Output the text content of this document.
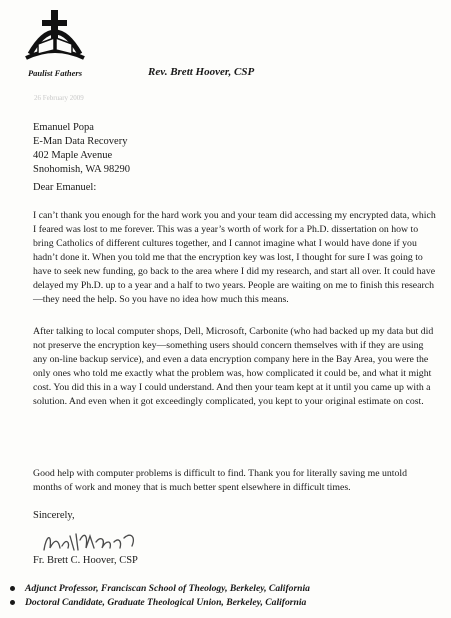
Paulist Fathers	Rev. Brett Hoover, CSP
26 February 2009
Emanuel Popa
E-Man Data Recovery
402 Maple Avenue
Snohomish, WA 98290
Dear Emanuel:

I can’t thank you enough for the hard work you and your team did accessing my encrypted data, which I feared was lost to me forever. This was a year’s worth of work for a Ph.D. dissertation on how to bring Catholics of different cultures together, and I cannot imagine what I would have done if you hadn’t done it. When you told me that the encryption key was lost, I thought for sure I was going to have to seek new funding, go back to the area where I did my research, and start all over. It could have delayed my Ph.D. up to a year and a half to two years. People are waiting on me to finish this research—they need the help. So you have no idea how much this means.

After talking to local computer shops, Dell, Microsoft, Carbonite (who had backed up my data but did not preserve the encryption key—something users should concern themselves with if they are using any on-line backup service), and even a data encryption company here in the Bay Area, you were the only ones who told me exactly what the problem was, how complicated it could be, and what it might cost. You did this in a way I could understand. And then your team kept at it until you came up with a solution. And even when it got exceedingly complicated, you kept to your original estimate on cost.

Good help with computer problems is difficult to find. Thank you for literally saving me untold months of work and money that is much better spent elsewhere in difficult times.

Sincerely,
Fr. Brett C. Hoover, CSP
Adjunct Professor, Franciscan School of Theology, Berkeley, California
Doctoral Candidate, Graduate Theological Union, Berkeley, California
